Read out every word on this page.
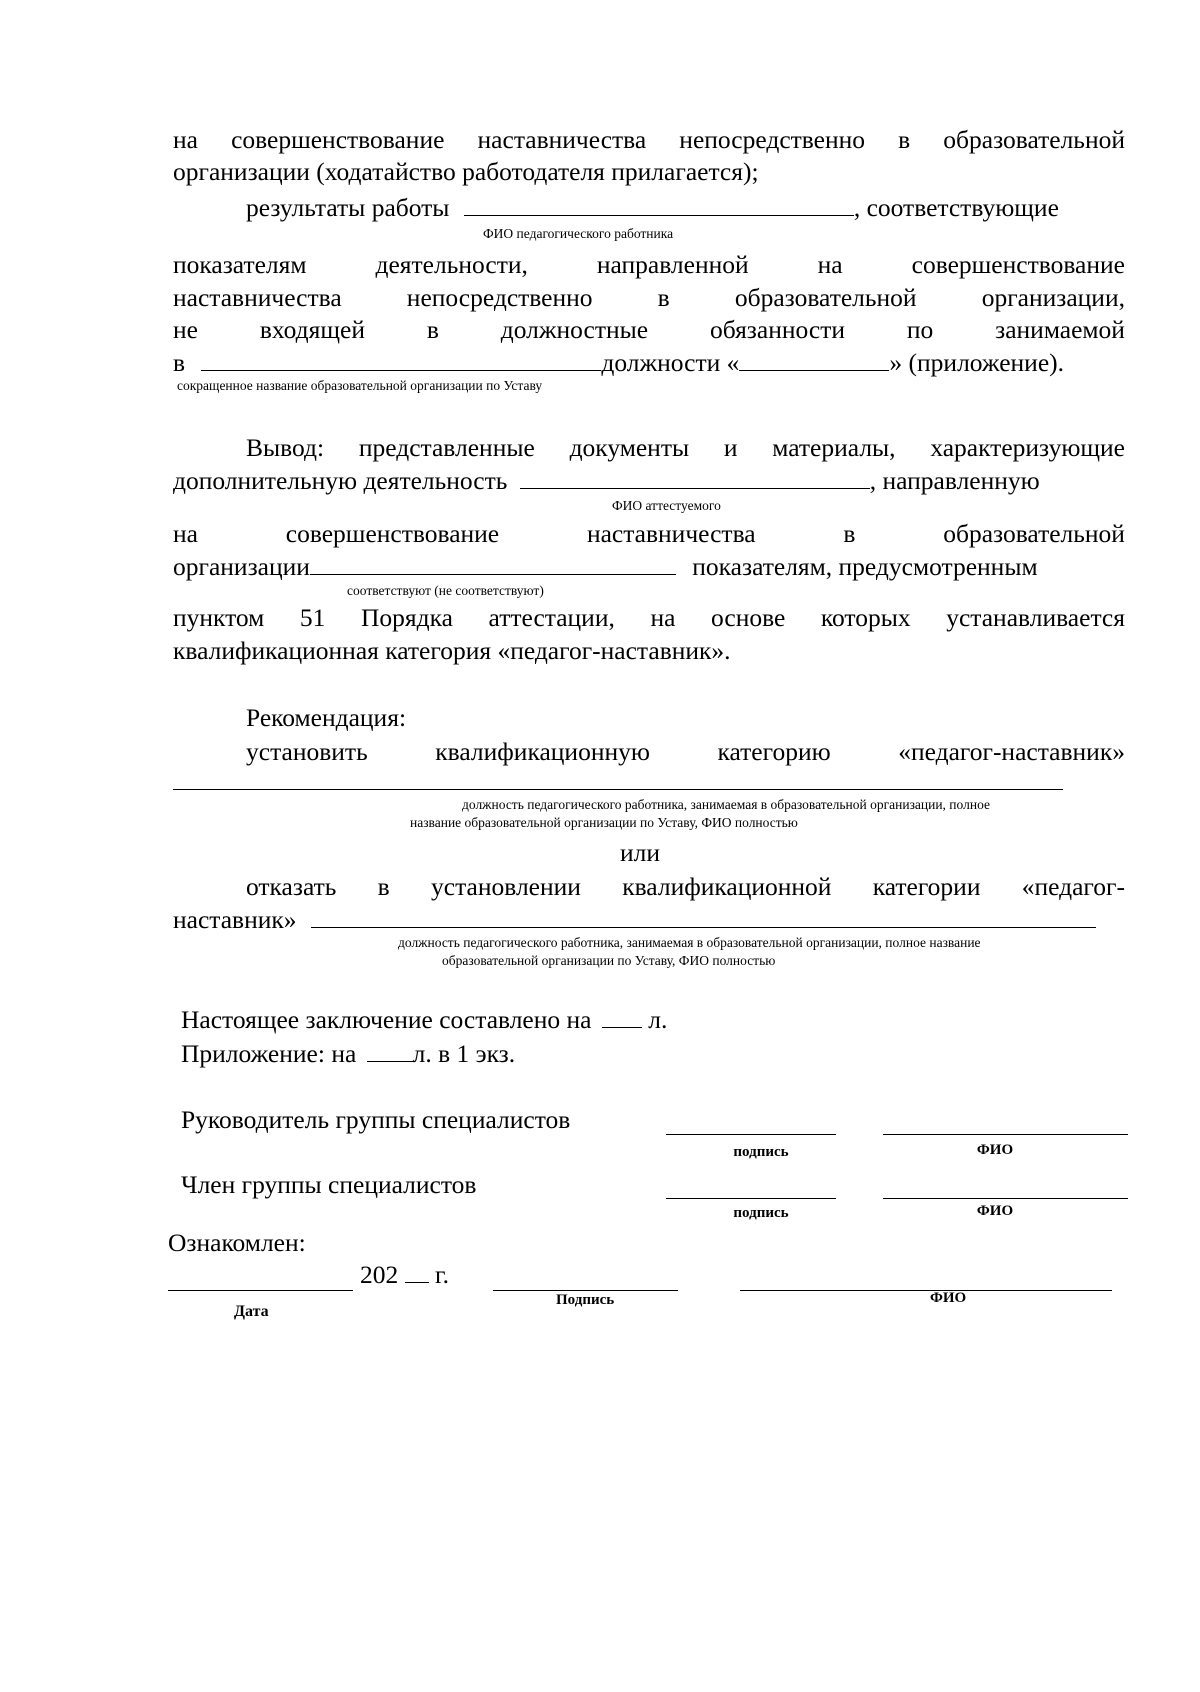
на совершенствование наставничества непосредственно в образовательной
организации (ходатайство работодателя прилагается);
результаты работы	, соответствующие
ФИО педагогического работника
показателям	деятельности,	направленной	на	совершенствование
наставничества	непосредственно	в	образовательной	организации,
не входящей в должностные обязанности по занимаемой
в	должности «	» (приложение).
сокращенное название образовательной организации по Уставу
Вывод: представленные документы и материалы, характеризующие
дополнительную деятельность	, направленную
ФИО аттестуемого
на	совершенствование	наставничества	в	образовательной
организации	показателям, предусмотренным
соответствуют (не соответствуют)
пунктом 51 Порядка аттестации, на основе которых устанавливается
квалификационная категория «педагог-наставник».
Рекомендация:
установить	квалификационную	категорию	«педагог-наставник»
должность педагогического работника, занимаемая в образовательной организации, полное
название образовательной организации по Уставу, ФИО полностью
или
отказать в установлении квалификационной категории «педагог-
наставник»
должность педагогического работника, занимаемая в образовательной организации, полное название
образовательной организации по Уставу, ФИО полностью
Настоящее заключение составлено на л.
Приложение: на л. в 1 экз.
Руководитель группы специалистов
подпись	ФИО
Член группы специалистов
подпись	ФИО
Ознакомлен:
202 г.
Дата
Подпись	ФИО
